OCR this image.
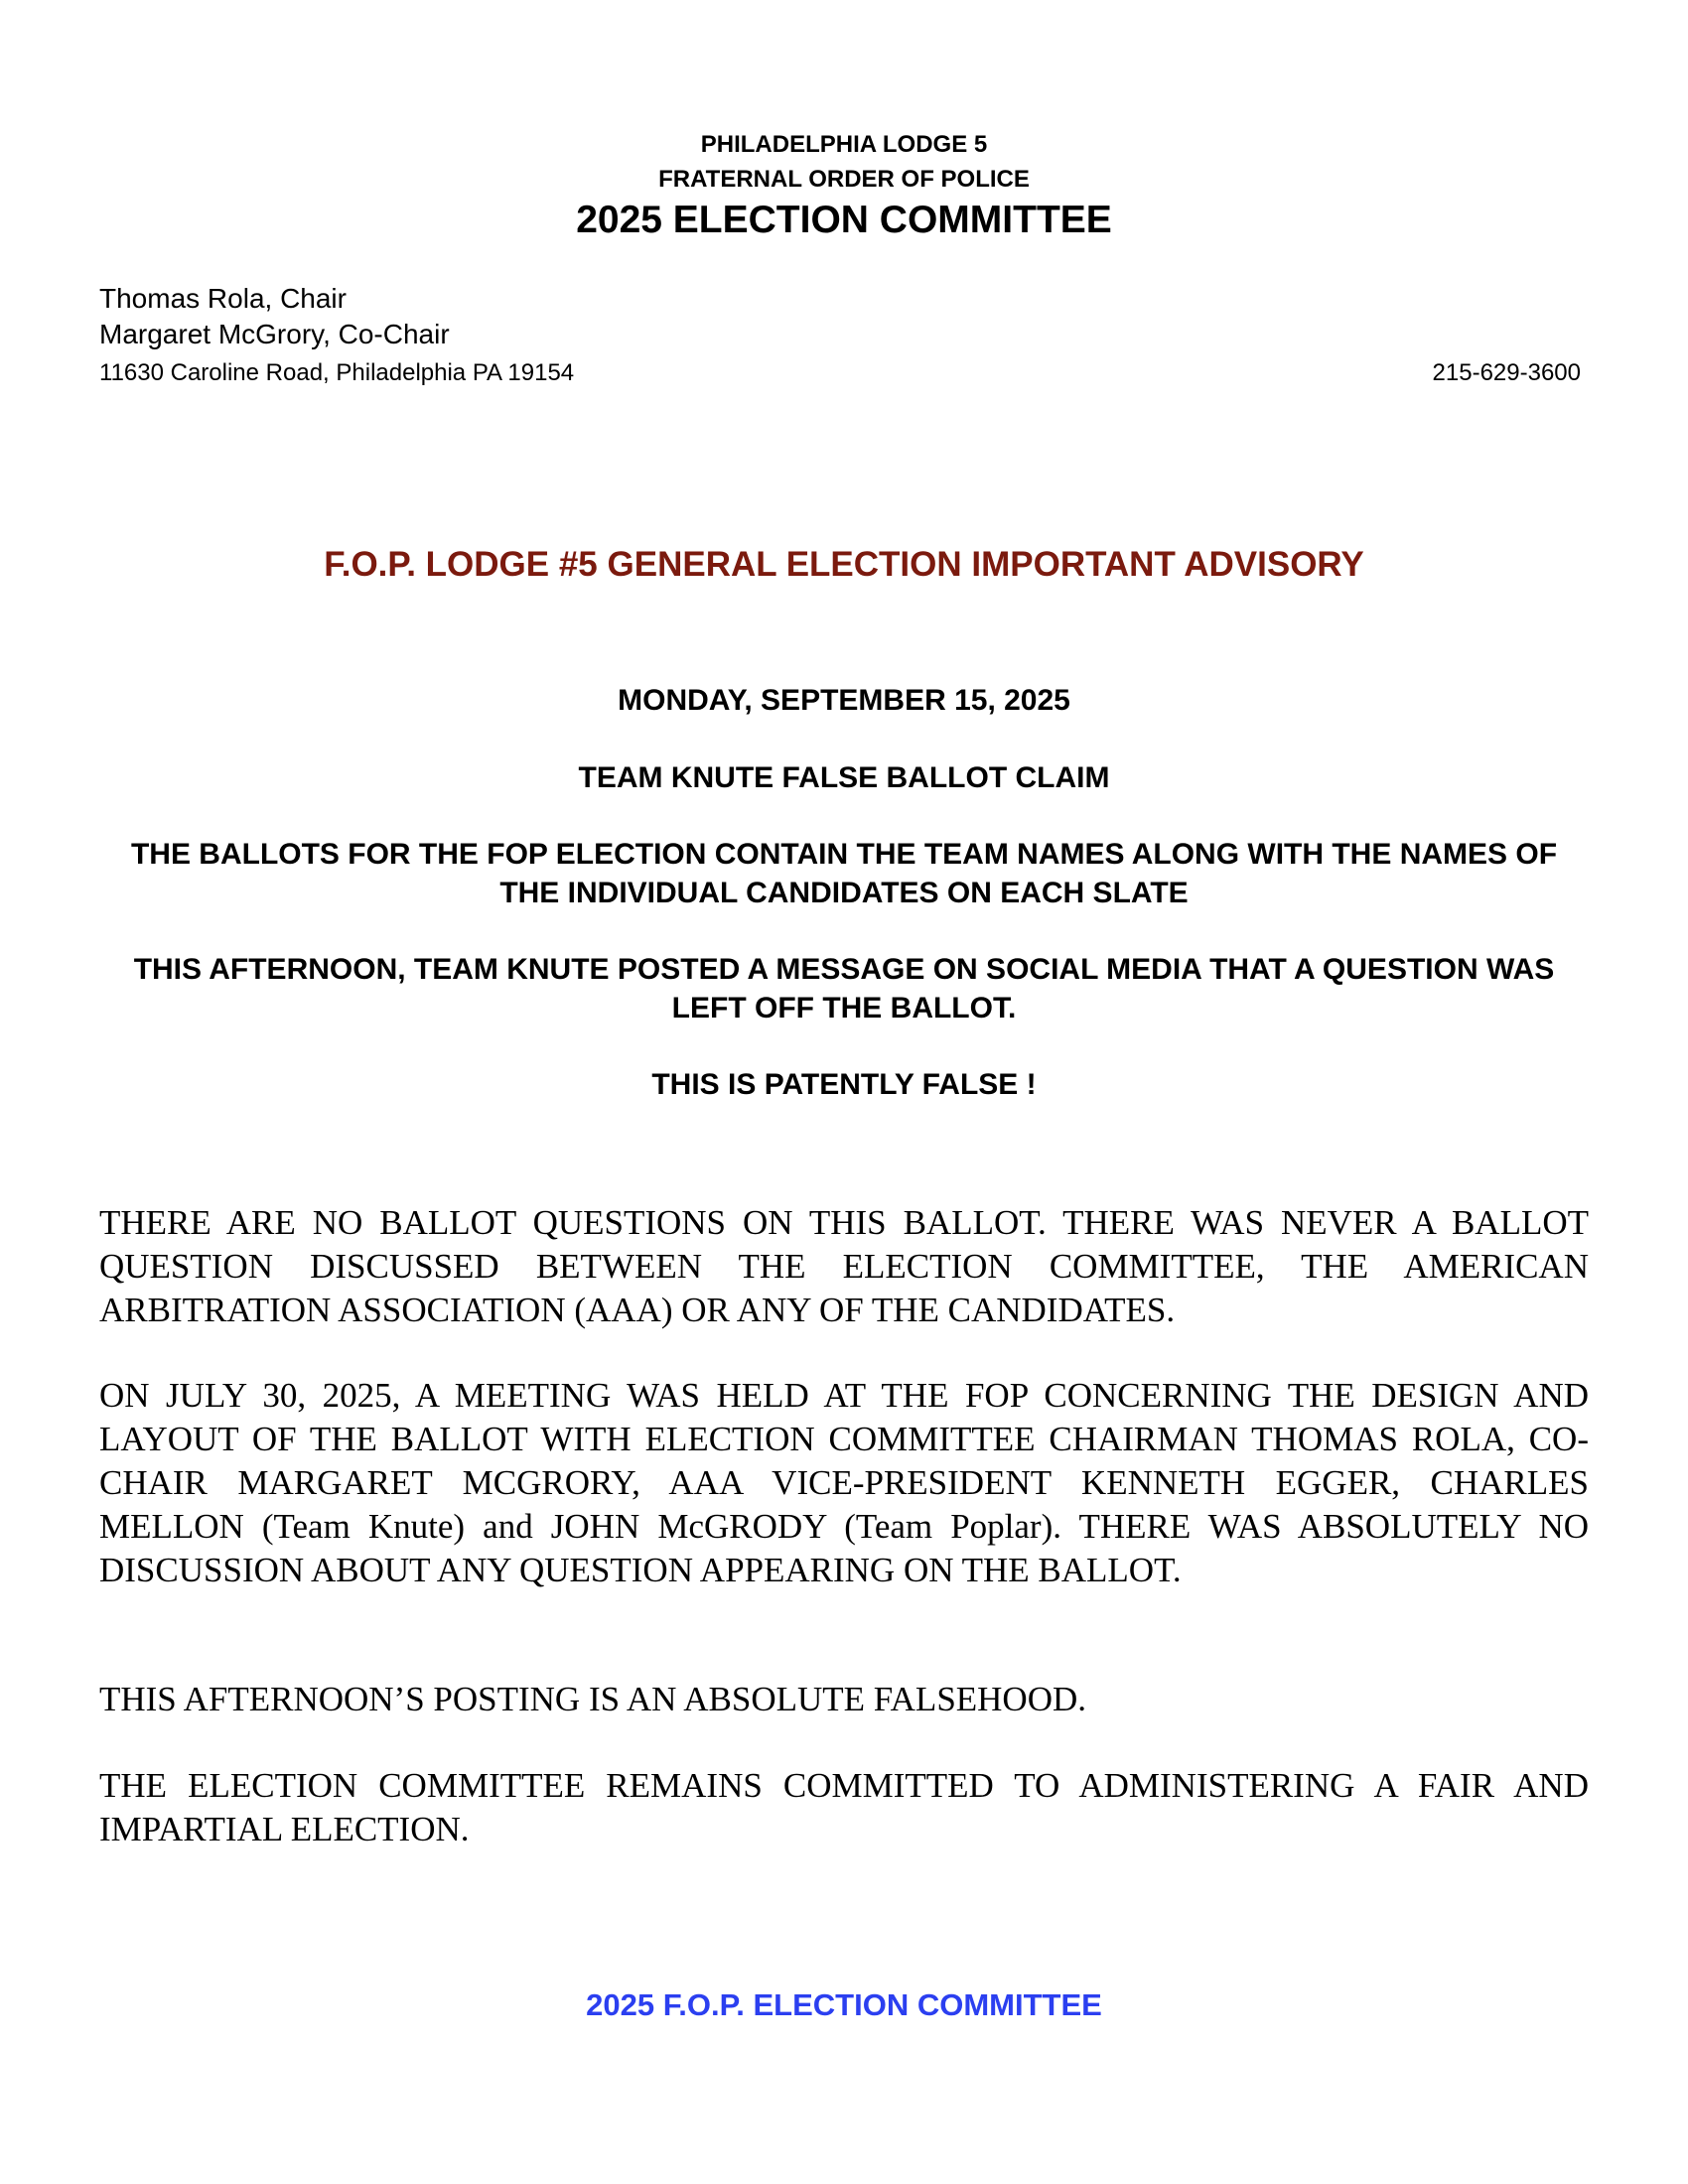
PHILADELPHIA LODGE 5
FRATERNAL ORDER OF POLICE
2025 ELECTION COMMITTEE
Thomas Rola, Chair
Margaret McGrory, Co-Chair
11630 Caroline Road, Philadelphia PA 19154	215-629-3600
F.O.P. LODGE #5 GENERAL ELECTION IMPORTANT ADVISORY
MONDAY, SEPTEMBER 15, 2025
TEAM KNUTE FALSE BALLOT CLAIM
THE BALLOTS FOR THE FOP ELECTION CONTAIN THE TEAM NAMES ALONG WITH THE NAMES OF THE INDIVIDUAL CANDIDATES ON EACH SLATE
THIS AFTERNOON, TEAM KNUTE POSTED A MESSAGE ON SOCIAL MEDIA THAT A QUESTION WAS LEFT OFF THE BALLOT.
THIS IS PATENTLY FALSE !
THERE ARE NO BALLOT QUESTIONS ON THIS BALLOT. THERE WAS NEVER A BALLOT QUESTION DISCUSSED BETWEEN THE ELECTION COMMITTEE, THE AMERICAN ARBITRATION ASSOCIATION (AAA) OR ANY OF THE CANDIDATES.
ON JULY 30, 2025, A MEETING WAS HELD AT THE FOP CONCERNING THE DESIGN AND LAYOUT OF THE BALLOT WITH ELECTION COMMITTEE CHAIRMAN THOMAS ROLA, CO-CHAIR MARGARET MCGRORY, AAA VICE-PRESIDENT KENNETH EGGER, CHARLES MELLON (Team Knute) and JOHN McGRODY (Team Poplar). THERE WAS ABSOLUTELY NO DISCUSSION ABOUT ANY QUESTION APPEARING ON THE BALLOT.
THIS AFTERNOON’S POSTING IS AN ABSOLUTE FALSEHOOD.
THE ELECTION COMMITTEE REMAINS COMMITTED TO ADMINISTERING A FAIR AND IMPARTIAL ELECTION.
2025 F.O.P. ELECTION COMMITTEE
